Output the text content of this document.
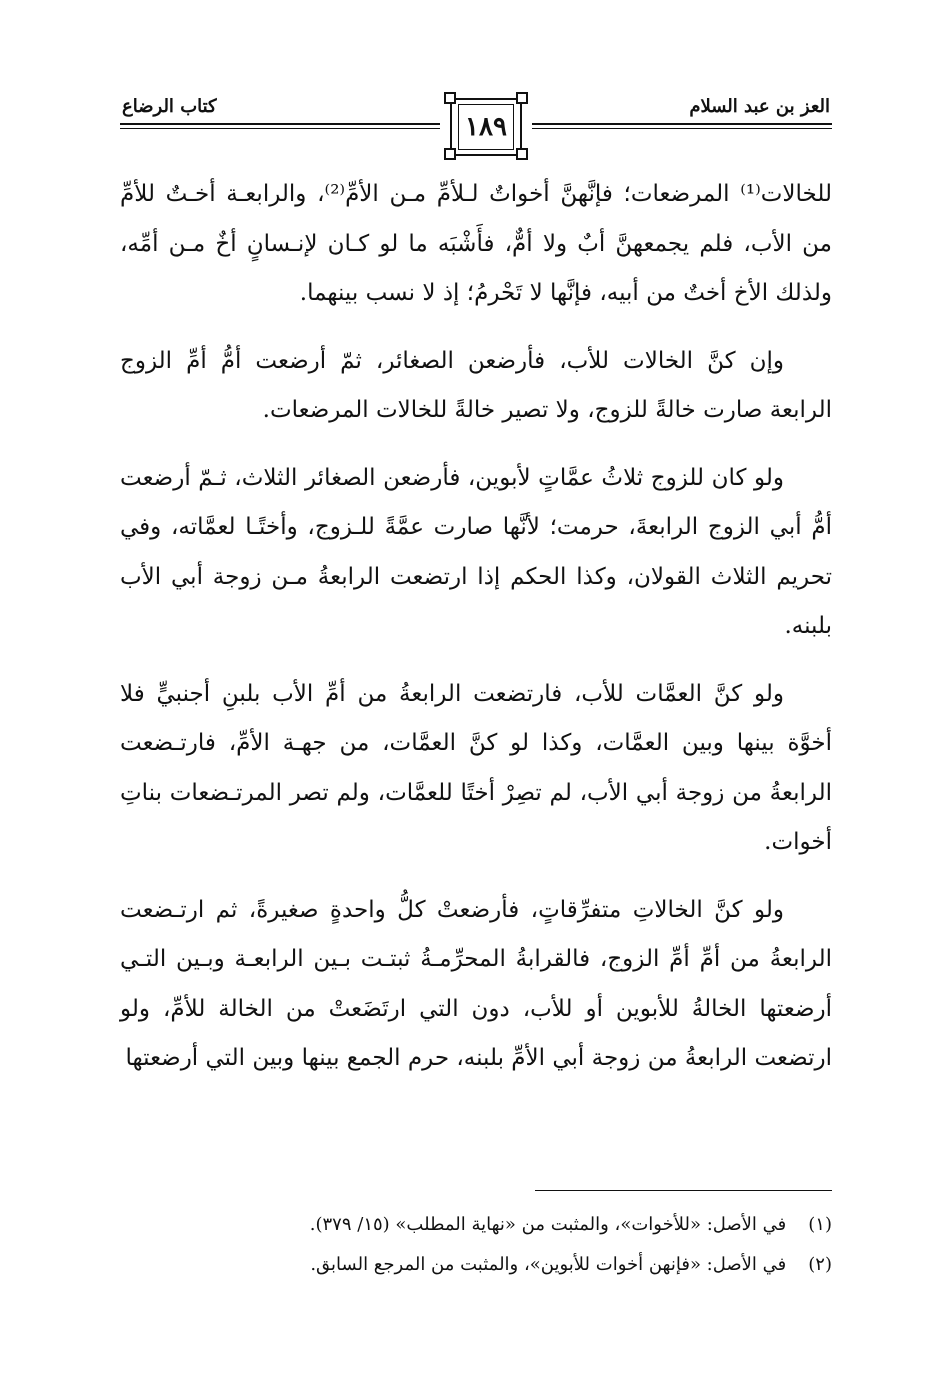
العز بن عبد السلام
كتاب الرضاع
١٨٩

للخالات⁽¹⁾ المرضعات؛ فإنَّهنَّ أخواتٌ لـلأمِّ مـن الأمِّ⁽²⁾، والرابعـة أخـتٌ للأمِّ من الأب، فلم يجمعهنَّ أبٌ ولا أمٌّ، فأَشْبَه ما لو كـان لإنـسانٍ أخٌ مـن أمِّه، ولذلك الأخ أختٌ من أبيه، فإنَّها لا تَحْرمُ؛ إذ لا نسب بينهما.

وإن كنَّ الخالات للأب، فأرضعن الصغائر، ثمّ أرضعت أمُّ أمِّ الزوج الرابعة صارت خالةً للزوج، ولا تصير خالةً للخالات المرضعات.

ولو كان للزوج ثلاثُ عمَّاتٍ لأبوين، فأرضعن الصغائر الثلاث، ثـمّ أرضعت أمُّ أبي الزوج الرابعةَ، حرمت؛ لأنَّها صارت عمَّةً للـزوج، وأختًـا لعمَّاته، وفي تحريم الثلاث القولان، وكذا الحكم إذا ارتضعت الرابعةُ مـن زوجة أبي الأب بلبنه.

ولو كنَّ العمَّات للأب، فارتضعت الرابعةُ من أمِّ الأب بلبنِ أجنبيٍّ فلا أخوَّة بينها وبين العمَّات، وكذا لو كنَّ العمَّات، من جهـة الأمِّ، فارتـضعت الرابعةُ من زوجة أبي الأب، لم تصِرْ أختًا للعمَّات، ولم تصر المرتـضعات بناتِ أخوات.

ولو كنَّ الخالاتِ متفرِّقاتٍ، فأرضعتْ كلُّ واحدةٍ صغيرةً، ثم ارتـضعت الرابعةُ من أمِّ أمِّ الزوج، فالقرابةُ المحرِّمـةُ ثبتـت بـين الرابعـة وبـين التـي أرضعتها الخالةُ للأبوين أو للأب، دون التي ارتَضَعتْ من الخالة للأمِّ، ولو ارتضعت الرابعةُ من زوجة أبي الأمِّ بلبنه، حرم الجمع بينها وبين التي أرضعتها

(١) في الأصل: «للأخوات»، والمثبت من «نهاية المطلب» (١٥/ ٣٧٩).
(٢) في الأصل: «فإنهن أخوات للأبوين»، والمثبت من المرجع السابق.
